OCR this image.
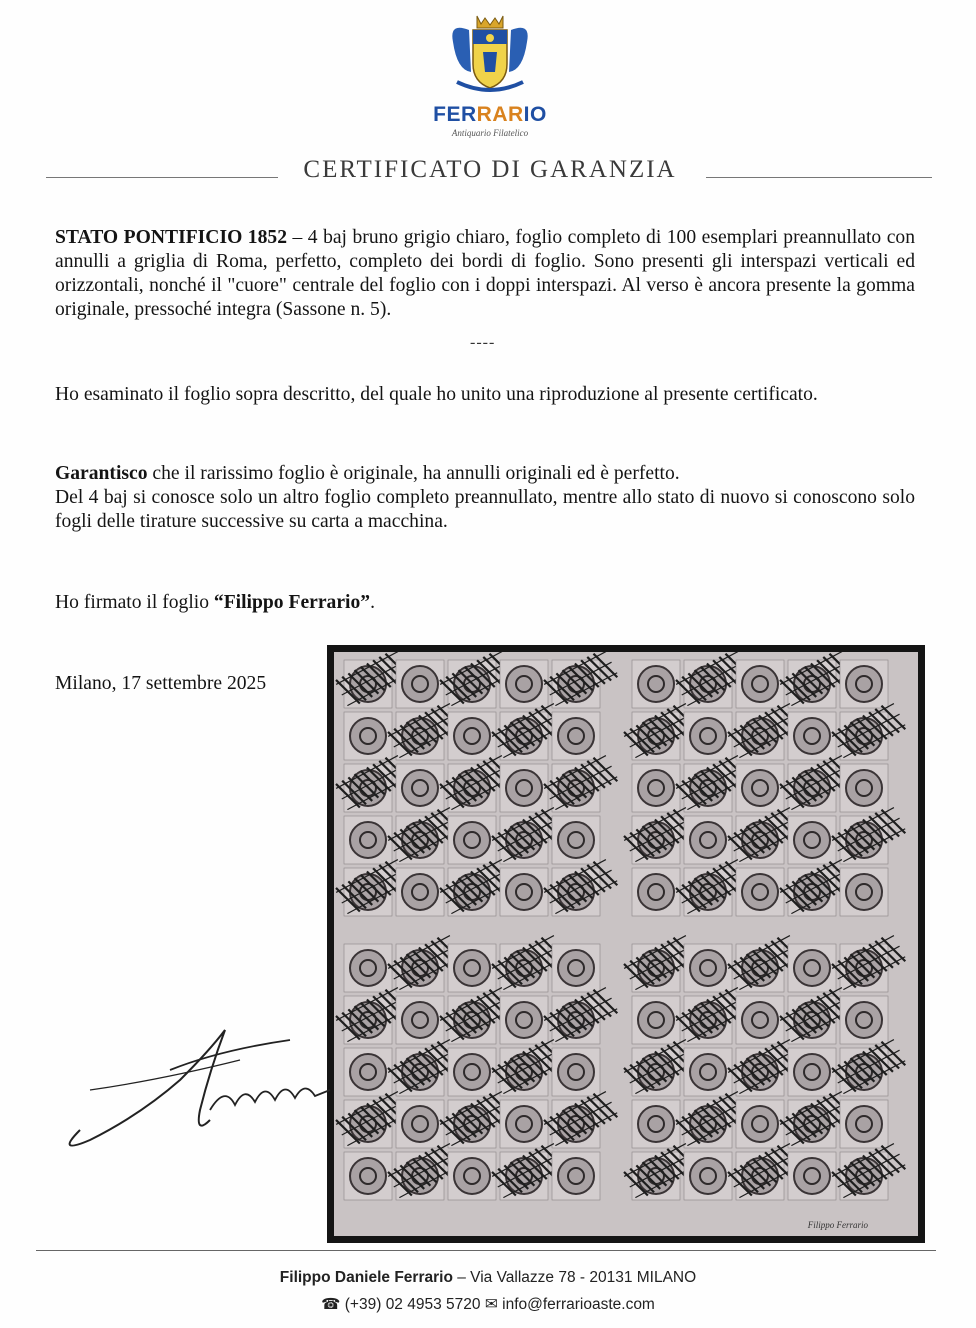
FERRARIO
Antiquario Filatelico
CERTIFICATO DI GARANZIA

STATO PONTIFICIO 1852 – 4 baj bruno grigio chiaro, foglio completo di 100 esemplari preannullato con annulli a griglia di Roma, perfetto, completo dei bordi di foglio. Sono presenti gli interspazi verticali ed orizzontali, nonché il "cuore" centrale del foglio con i doppi interspazi. Al verso è ancora presente la gomma originale, pressoché integra (Sassone n. 5).

----

Ho esaminato il foglio sopra descritto, del quale ho unito una riproduzione al presente certificato.

Garantisco che il rarissimo foglio è originale, ha annulli originali ed è perfetto.
Del 4 baj si conosce solo un altro foglio completo preannullato, mentre allo stato di nuovo si conoscono solo fogli delle tirature successive su carta a macchina.

Ho firmato il foglio “Filippo Ferrario”.
Milano, 17 settembre 2025
Filippo Ferrario
Filippo Daniele Ferrario – Via Vallazze 78 - 20131 MILANO
☎ (+39) 02 4953 5720 ✉ info@ferrarioaste.com
